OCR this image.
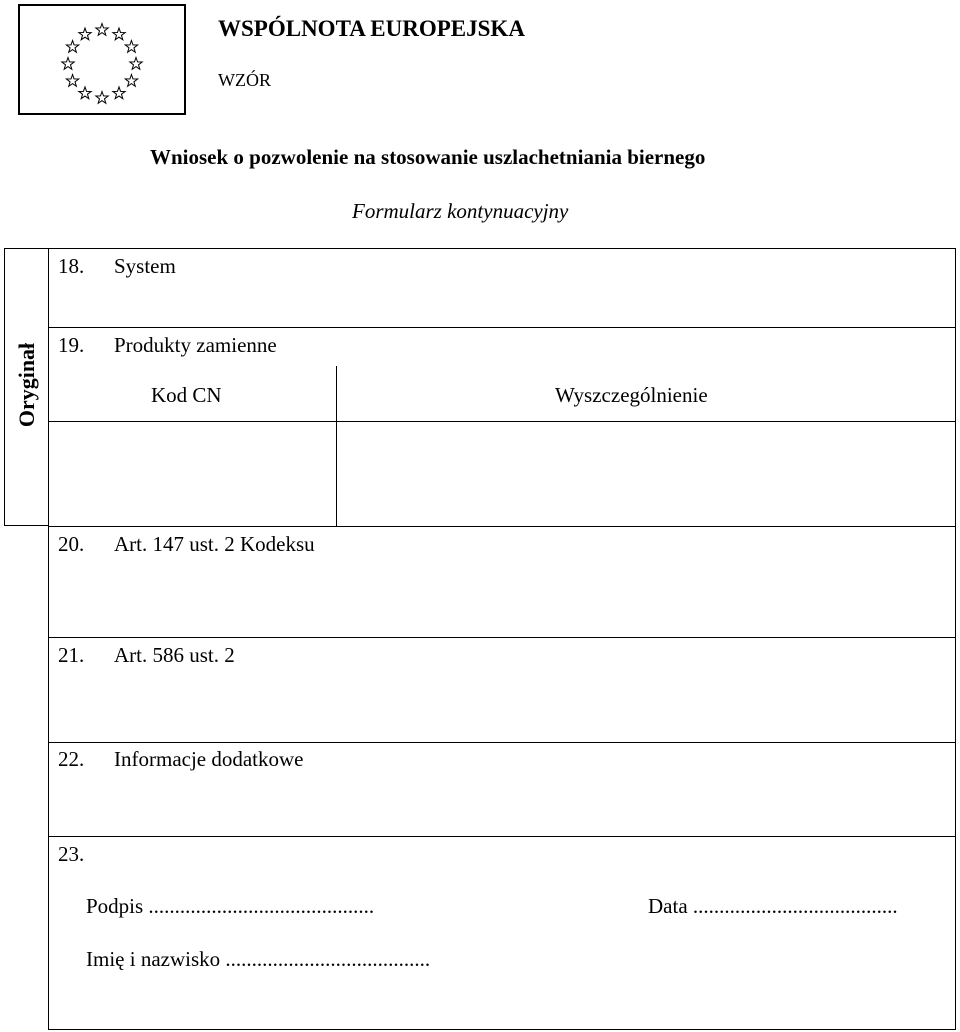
WSPÓLNOTA EUROPEJSKA
WZÓR
Wniosek o pozwolenie na stosowanie uszlachetniania biernego
Formularz kontynuacyjny
Oryginał
18. System
19. Produkty zamienne
Kod CN	Wyszczególnienie
20. Art. 147 ust. 2 Kodeksu
21. Art. 586 ust. 2
22. Informacje dodatkowe
23.
Podpis ...........................................	Data .......................................
Imię i nazwisko .......................................
